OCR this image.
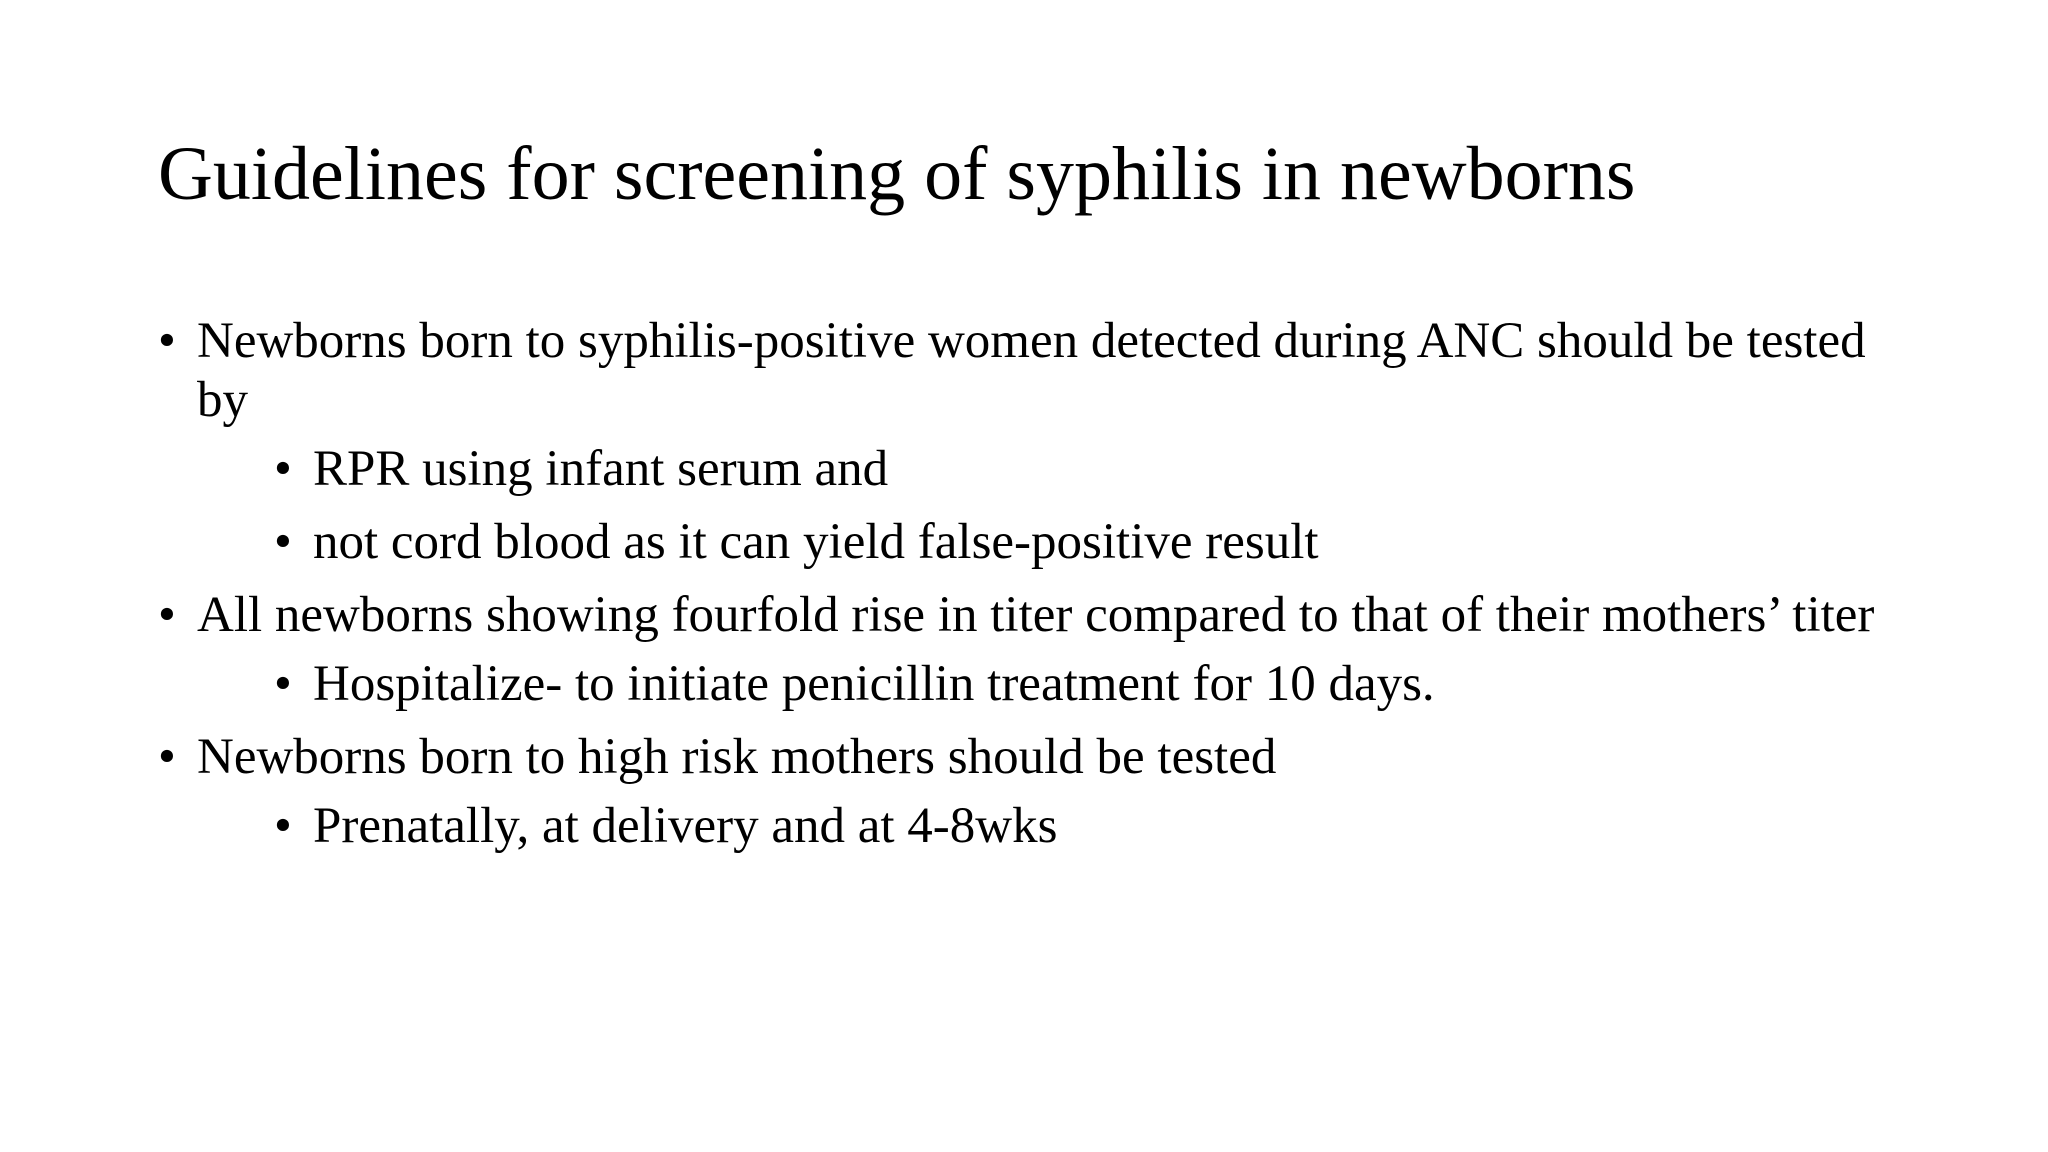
Guidelines for screening of syphilis in newborns
• Newborns born to syphilis-positive women detected during ANC should be tested by
• RPR using infant serum and
• not cord blood as it can yield false-positive result
• All newborns showing fourfold rise in titer compared to that of their mothers’ titer
• Hospitalize- to initiate penicillin treatment for 10 days.
• Newborns born to high risk mothers should be tested
• Prenatally, at delivery and at 4-8wks
